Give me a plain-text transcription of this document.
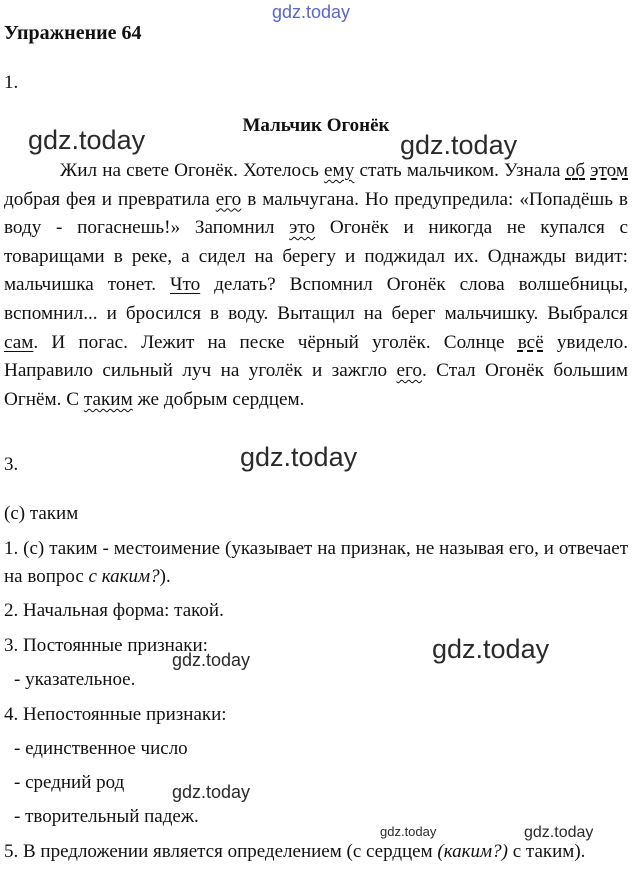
gdz.today
gdz.today	gdz.today
gdz.today
gdz.today
gdz.today
gdz.today
gdz.today	gdz.today
Упражнение 64
1.
Мальчик Огонёк

Жил на свете Огонёк. Хотелось ему стать мальчиком. Узнала об этом добрая фея и превратила его в мальчугана. Но предупредила: «Попадёшь в воду - погаснешь!» Запомнил это Огонёк и никогда не купался с товарищами в реке, а сидел на берегу и поджидал их. Однажды видит: мальчишка тонет. Что делать? Вспомнил Огонёк слова волшебницы, вспомнил... и бросился в воду. Вытащил на берег мальчишку. Выбрался сам. И погас. Лежит на песке чёрный уголёк. Солнце всё увидело. Направило сильный луч на уголёк и зажгло его. Стал Огонёк большим Огнём. С таким же добрым сердцем.

3.

(с) таким

1. (с) таким - местоимение (указывает на признак, не называя его, и отвечает на вопрос с каким?).

2. Начальная форма: такой.

3. Постоянные признаки:

- указательное.

4. Непостоянные признаки:

- единственное число

- средний род

- творительный падеж.

5. В предложении является определением (с сердцем (каким?) с таким).
